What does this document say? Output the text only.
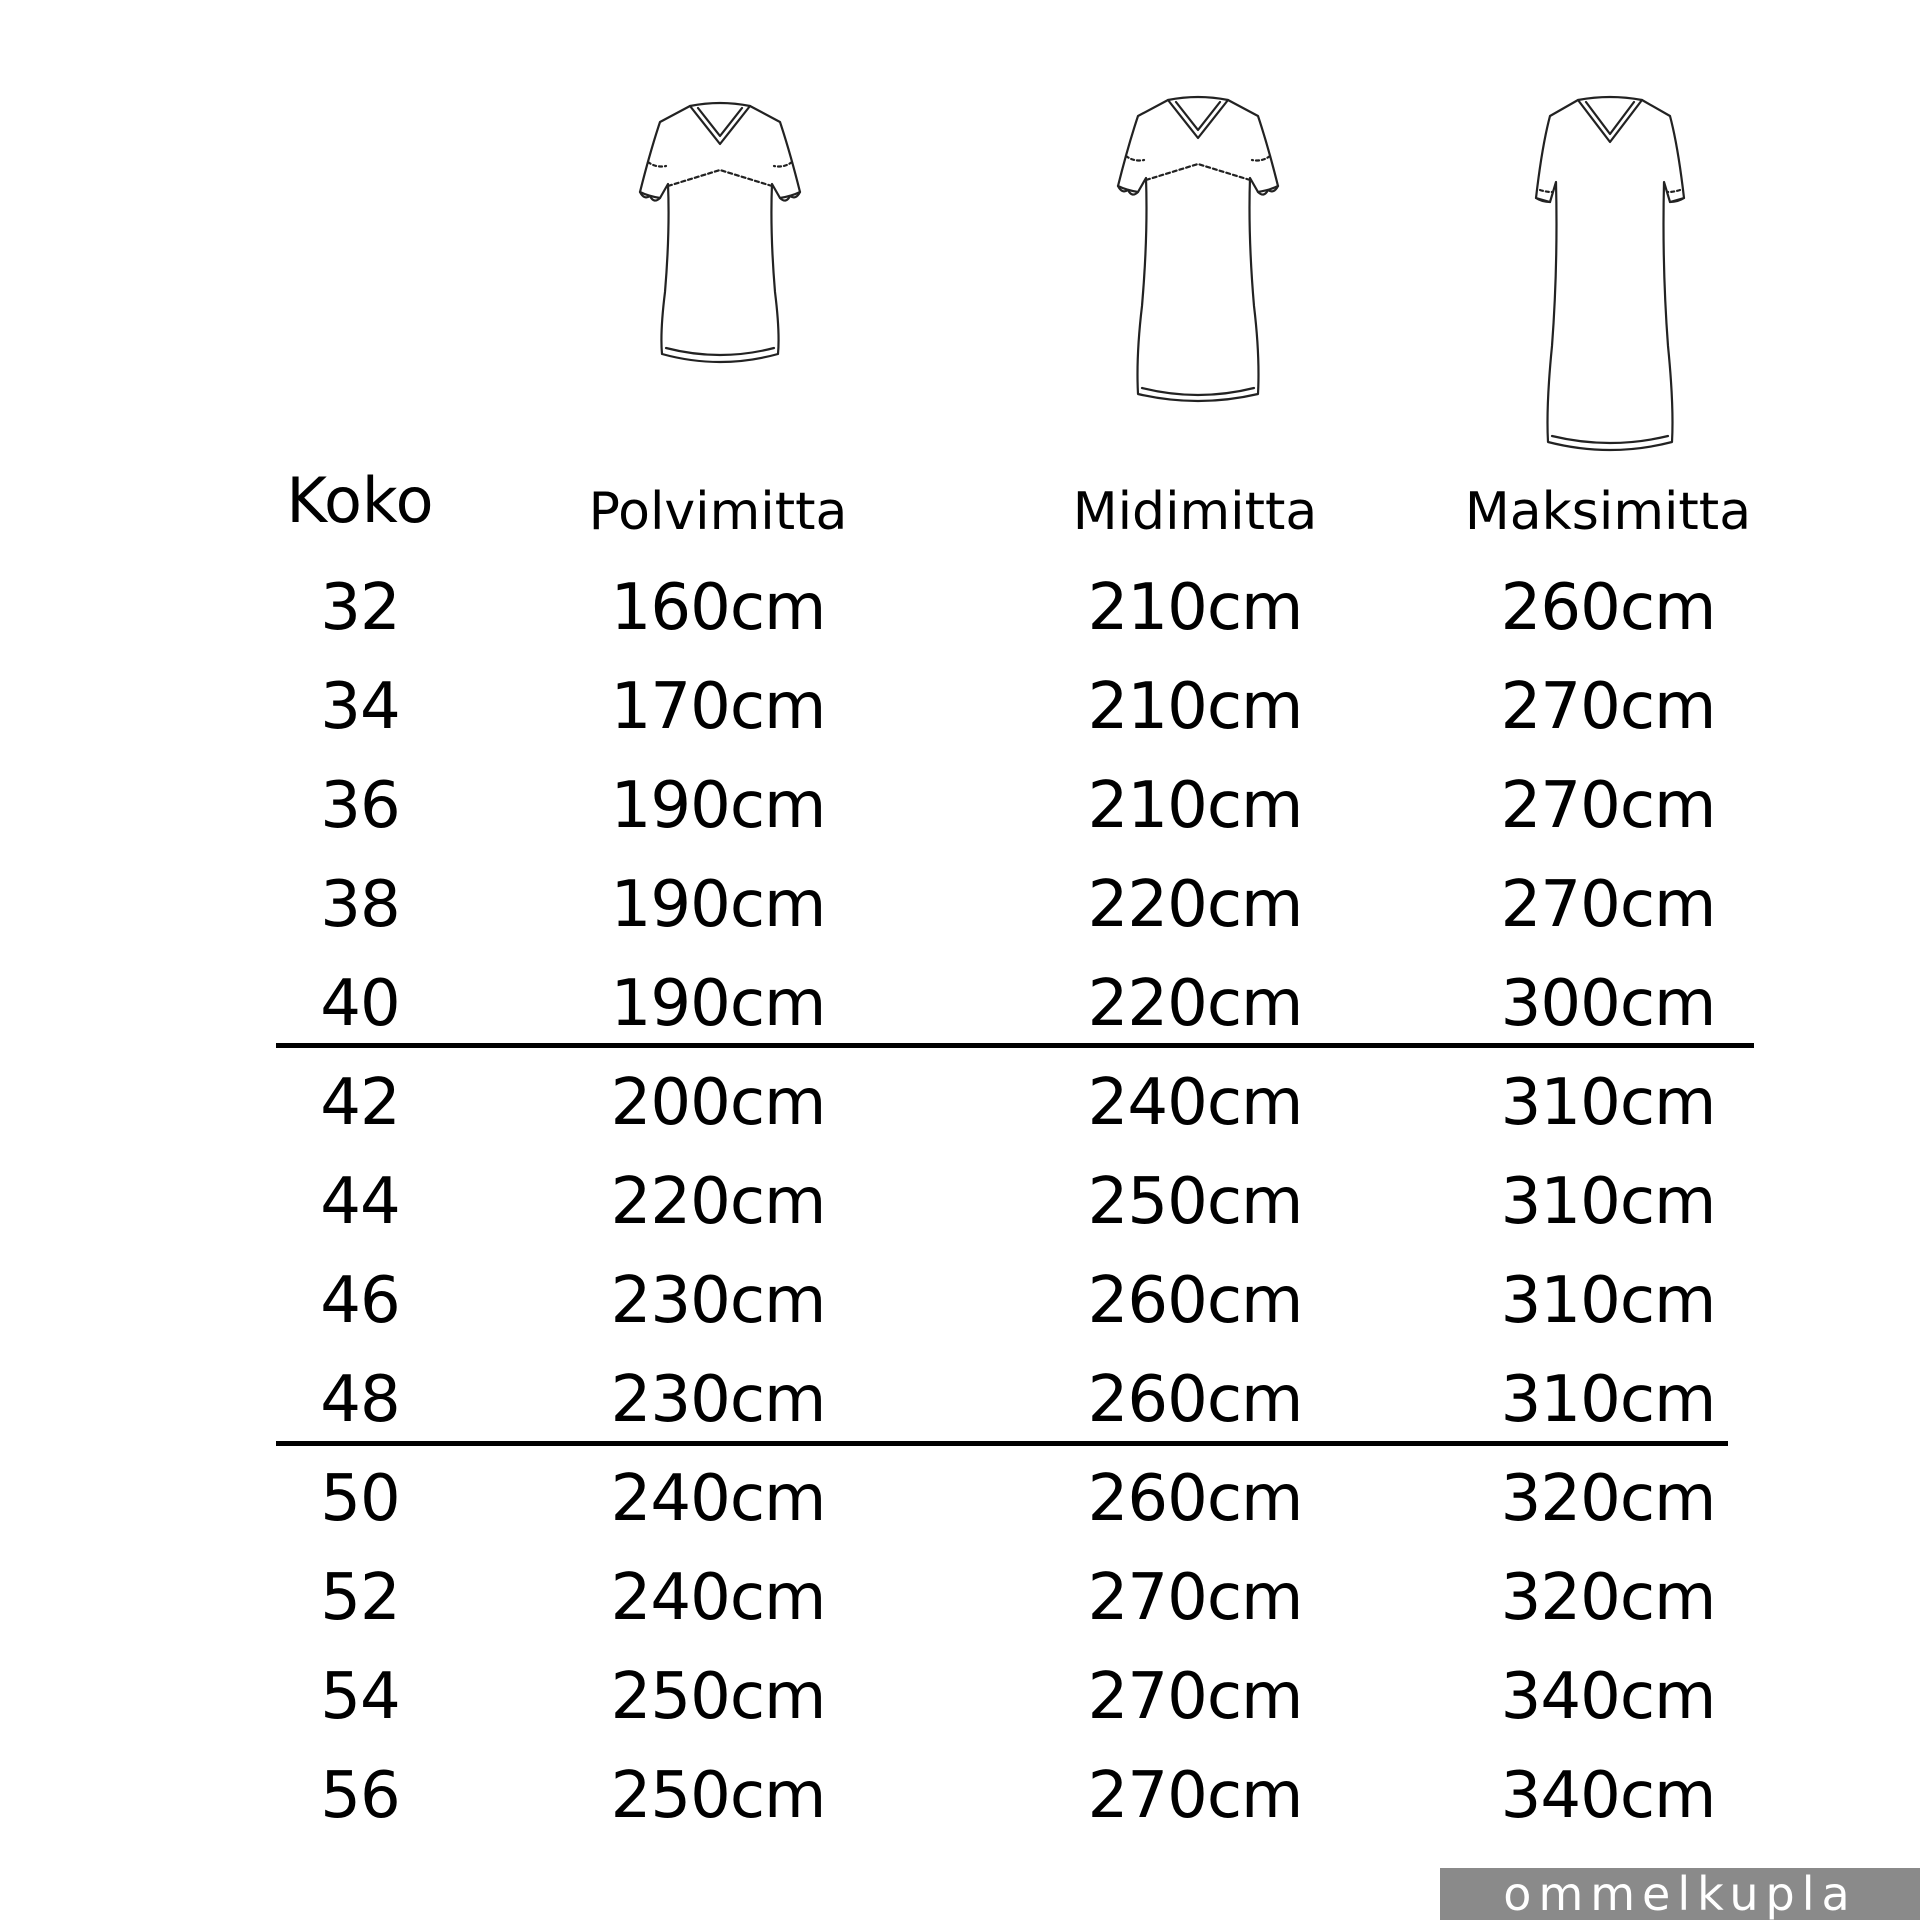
Koko	Polvimitta	Midimitta	Maksimitta
32	160cm	210cm	260cm
34	170cm	210cm	270cm
36	190cm	210cm	270cm
38	190cm	220cm	270cm
40	190cm	220cm	300cm
42	200cm	240cm	310cm
44	220cm	250cm	310cm
46	230cm	260cm	310cm
48	230cm	260cm	310cm
50	240cm	260cm	320cm
52	240cm	270cm	320cm
54	250cm	270cm	340cm
56	250cm	270cm	340cm
ommelkupla
